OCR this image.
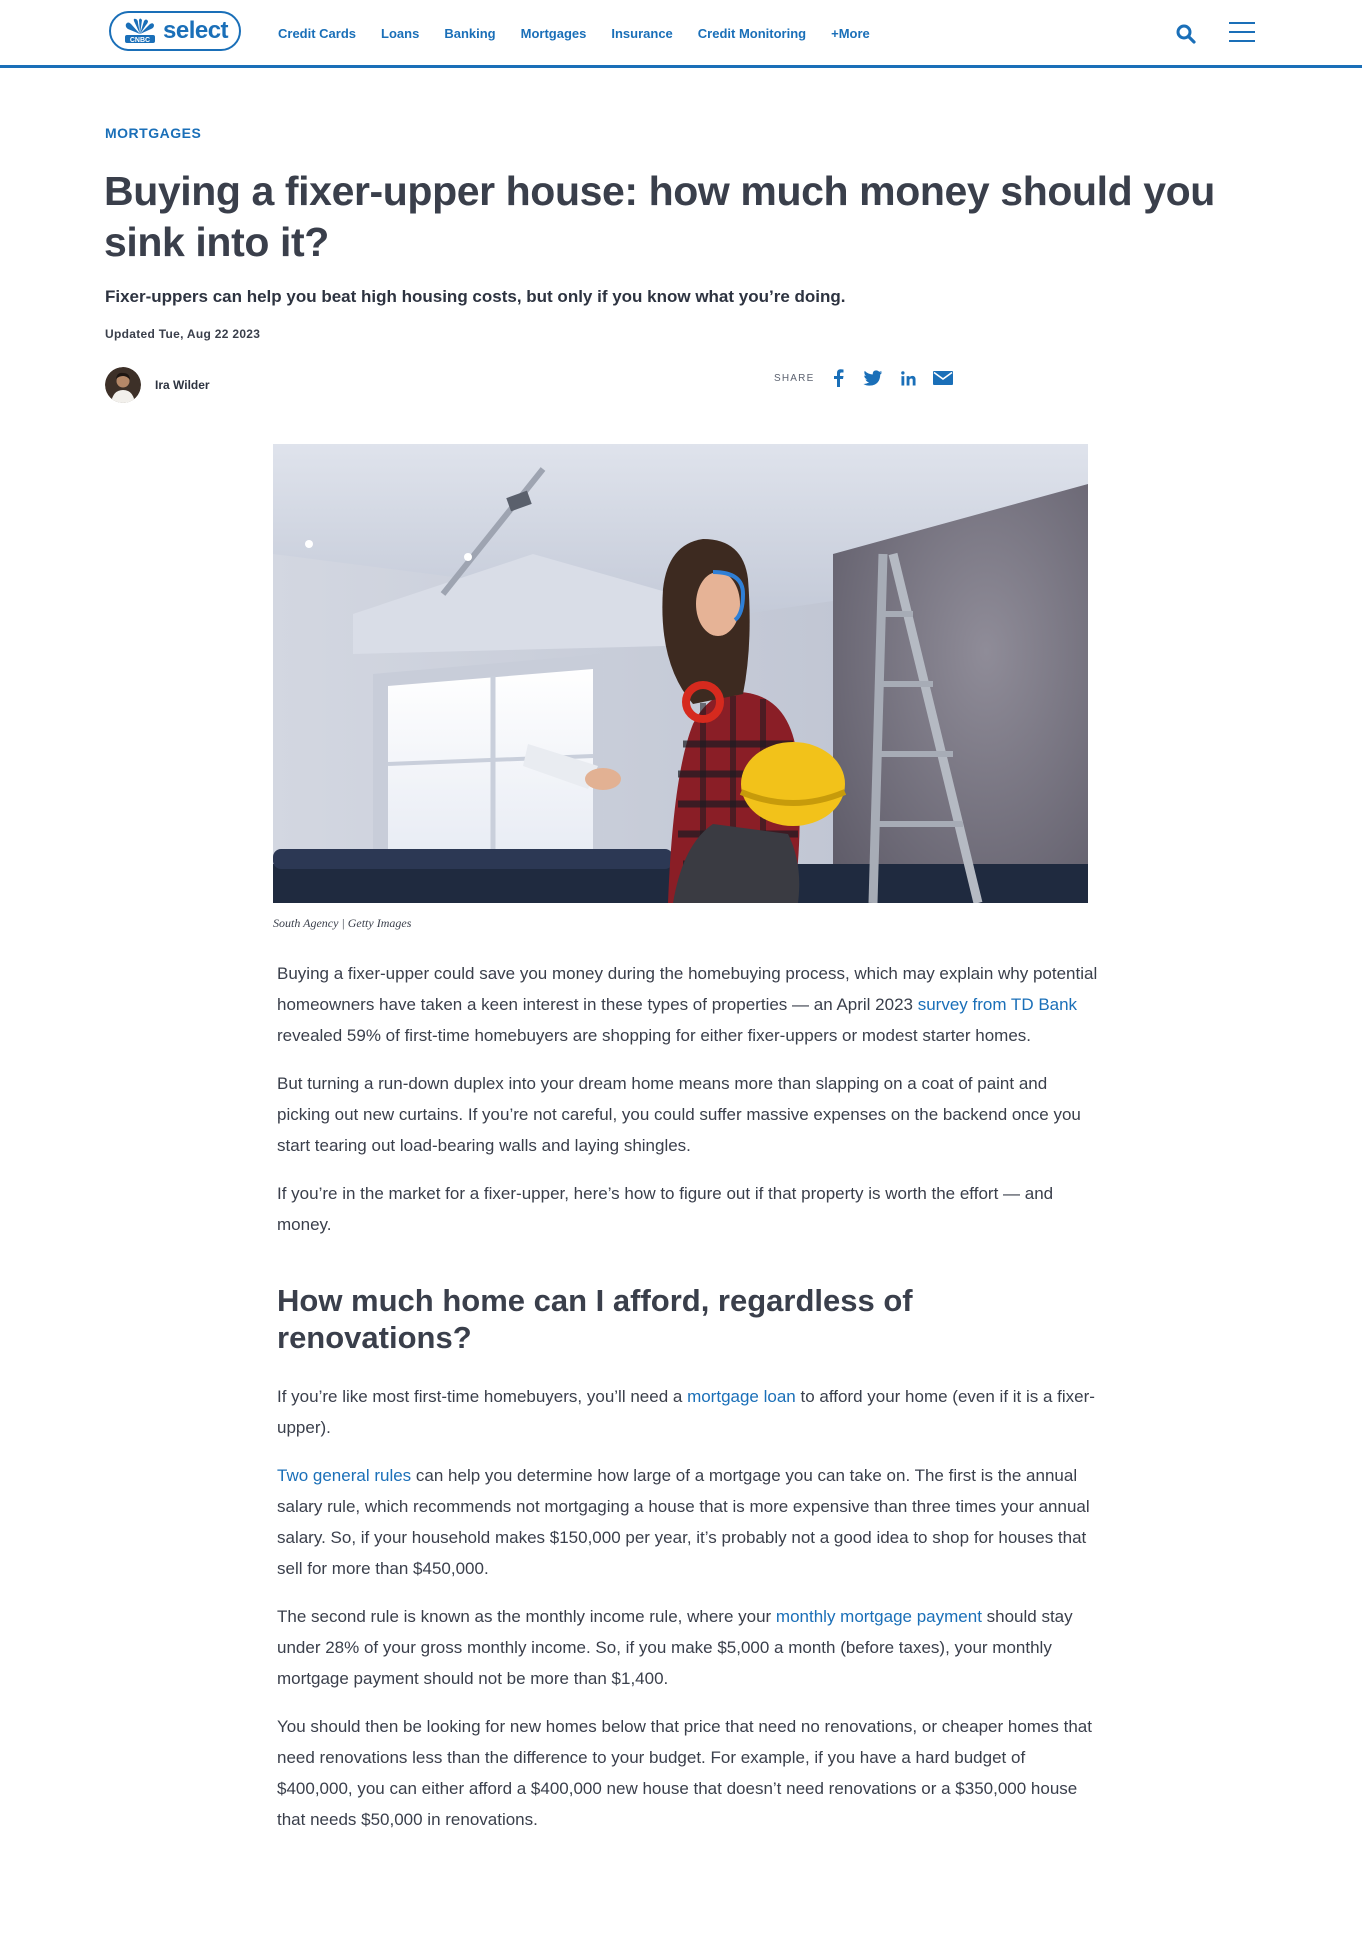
CNBC select	Credit Cards Loans Banking Mortgages Insurance Credit Monitoring +More
MORTGAGES
Buying a fixer-upper house: how much money should you sink into it?
Fixer-uppers can help you beat high housing costs, but only if you know what you’re doing.
Updated Tue, Aug 22 2023
Ira Wilder	SHARE
South Agency | Getty Images

Buying a fixer-upper could save you money during the homebuying process, which may explain why potential homeowners have taken a keen interest in these types of properties — an April 2023 survey from TD Bank revealed 59% of first-time homebuyers are shopping for either fixer-uppers or modest starter homes.

But turning a run-down duplex into your dream home means more than slapping on a coat of paint and picking out new curtains. If you’re not careful, you could suffer massive expenses on the backend once you start tearing out load-bearing walls and laying shingles.

If you’re in the market for a fixer-upper, here’s how to figure out if that property is worth the effort — and money.

How much home can I afford, regardless of renovations?

If you’re like most first-time homebuyers, you’ll need a mortgage loan to afford your home (even if it is a fixer-upper).

Two general rules can help you determine how large of a mortgage you can take on. The first is the annual salary rule, which recommends not mortgaging a house that is more expensive than three times your annual salary. So, if your household makes $150,000 per year, it’s probably not a good idea to shop for houses that sell for more than $450,000.

The second rule is known as the monthly income rule, where your monthly mortgage payment should stay under 28% of your gross monthly income. So, if you make $5,000 a month (before taxes), your monthly mortgage payment should not be more than $1,400.

You should then be looking for new homes below that price that need no renovations, or cheaper homes that need renovations less than the difference to your budget. For example, if you have a hard budget of $400,000, you can either afford a $400,000 new house that doesn’t need renovations or a $350,000 house that needs $50,000 in renovations.
